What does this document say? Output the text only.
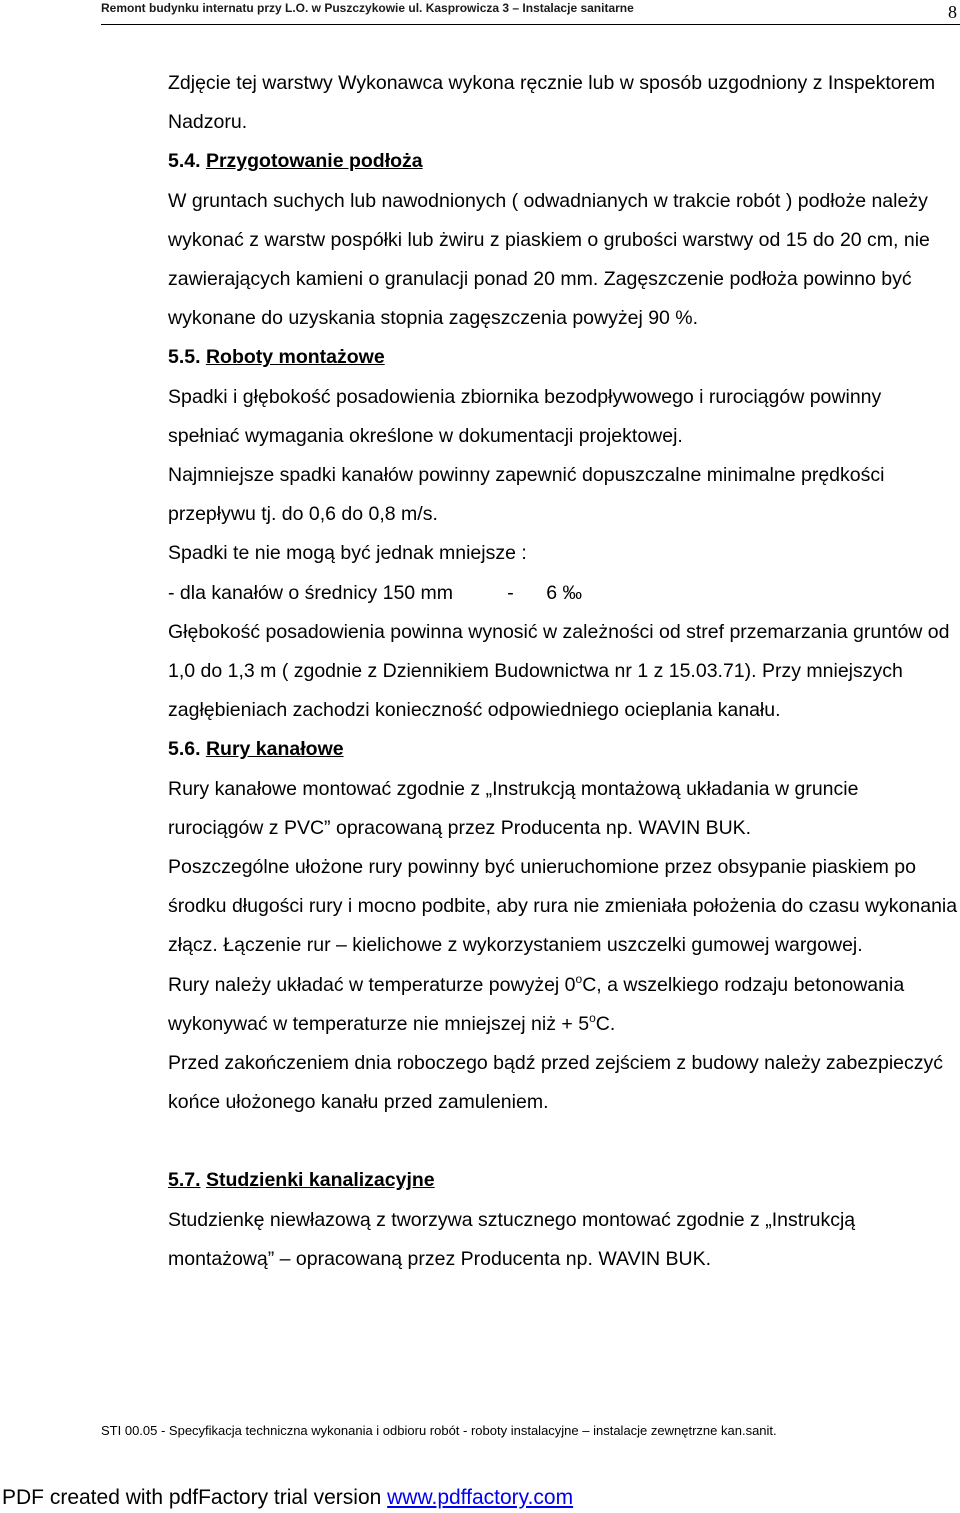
Remont budynku internatu przy L.O. w Puszczykowie ul. Kasprowicza 3 – Instalacje sanitarne	8

Zdjęcie tej warstwy Wykonawca wykona ręcznie lub w sposób uzgodniony z Inspektorem Nadzoru.

5.4. Przygotowanie podłoża

W gruntach suchych lub nawodnionych ( odwadnianych w trakcie robót ) podłoże należy wykonać z warstw pospółki lub żwiru z piaskiem o grubości warstwy od 15 do 20 cm, nie zawierających kamieni o granulacji ponad 20 mm. Zagęszczenie podłoża powinno być wykonane do uzyskania stopnia zagęszczenia powyżej 90 %.

5.5. Roboty montażowe

Spadki i głębokość posadowienia zbiornika bezodpływowego i rurociągów powinny spełniać wymagania określone w dokumentacji projektowej.

Najmniejsze spadki kanałów powinny zapewnić dopuszczalne minimalne prędkości przepływu tj. do 0,6 do 0,8 m/s.

Spadki te nie mogą być jednak mniejsze :

- dla kanałów o średnicy 150 mm          -      6 ‰

Głębokość posadowienia powinna wynosić w zależności od stref przemarzania gruntów od 1,0 do 1,3 m ( zgodnie z Dziennikiem Budownictwa nr 1 z 15.03.71). Przy mniejszych zagłębieniach zachodzi konieczność odpowiedniego ocieplania kanału.

5.6. Rury kanałowe

Rury kanałowe montować zgodnie z „Instrukcją montażową układania w gruncie rurociągów z PVC” opracowaną przez Producenta np. WAVIN BUK.

Poszczególne ułożone rury powinny być unieruchomione przez obsypanie piaskiem po środku długości rury i mocno podbite, aby rura nie zmieniała położenia do czasu wykonania złącz. Łączenie rur – kielichowe z wykorzystaniem uszczelki gumowej wargowej.

Rury należy układać w temperaturze powyżej 0$^o$C, a wszelkiego rodzaju betonowania wykonywać w temperaturze nie mniejszej niż + $5^oC$.

Przed zakończeniem dnia roboczego bądź przed zejściem z budowy należy zabezpieczyć końce ułożonego kanału przed zamuleniem.

5.7. Studzienki kanalizacyjne

Studzienkę niewłazową z tworzywa sztucznego montować zgodnie z „Instrukcją montażową” – opracowaną przez Producenta np. WAVIN BUK.

STI 00.05 - Specyfikacja techniczna wykonania i odbioru robót - roboty instalacyjne – instalacje zewnętrzne kan.sanit.
PDF created with pdfFactory trial version www.pdffactory.com
